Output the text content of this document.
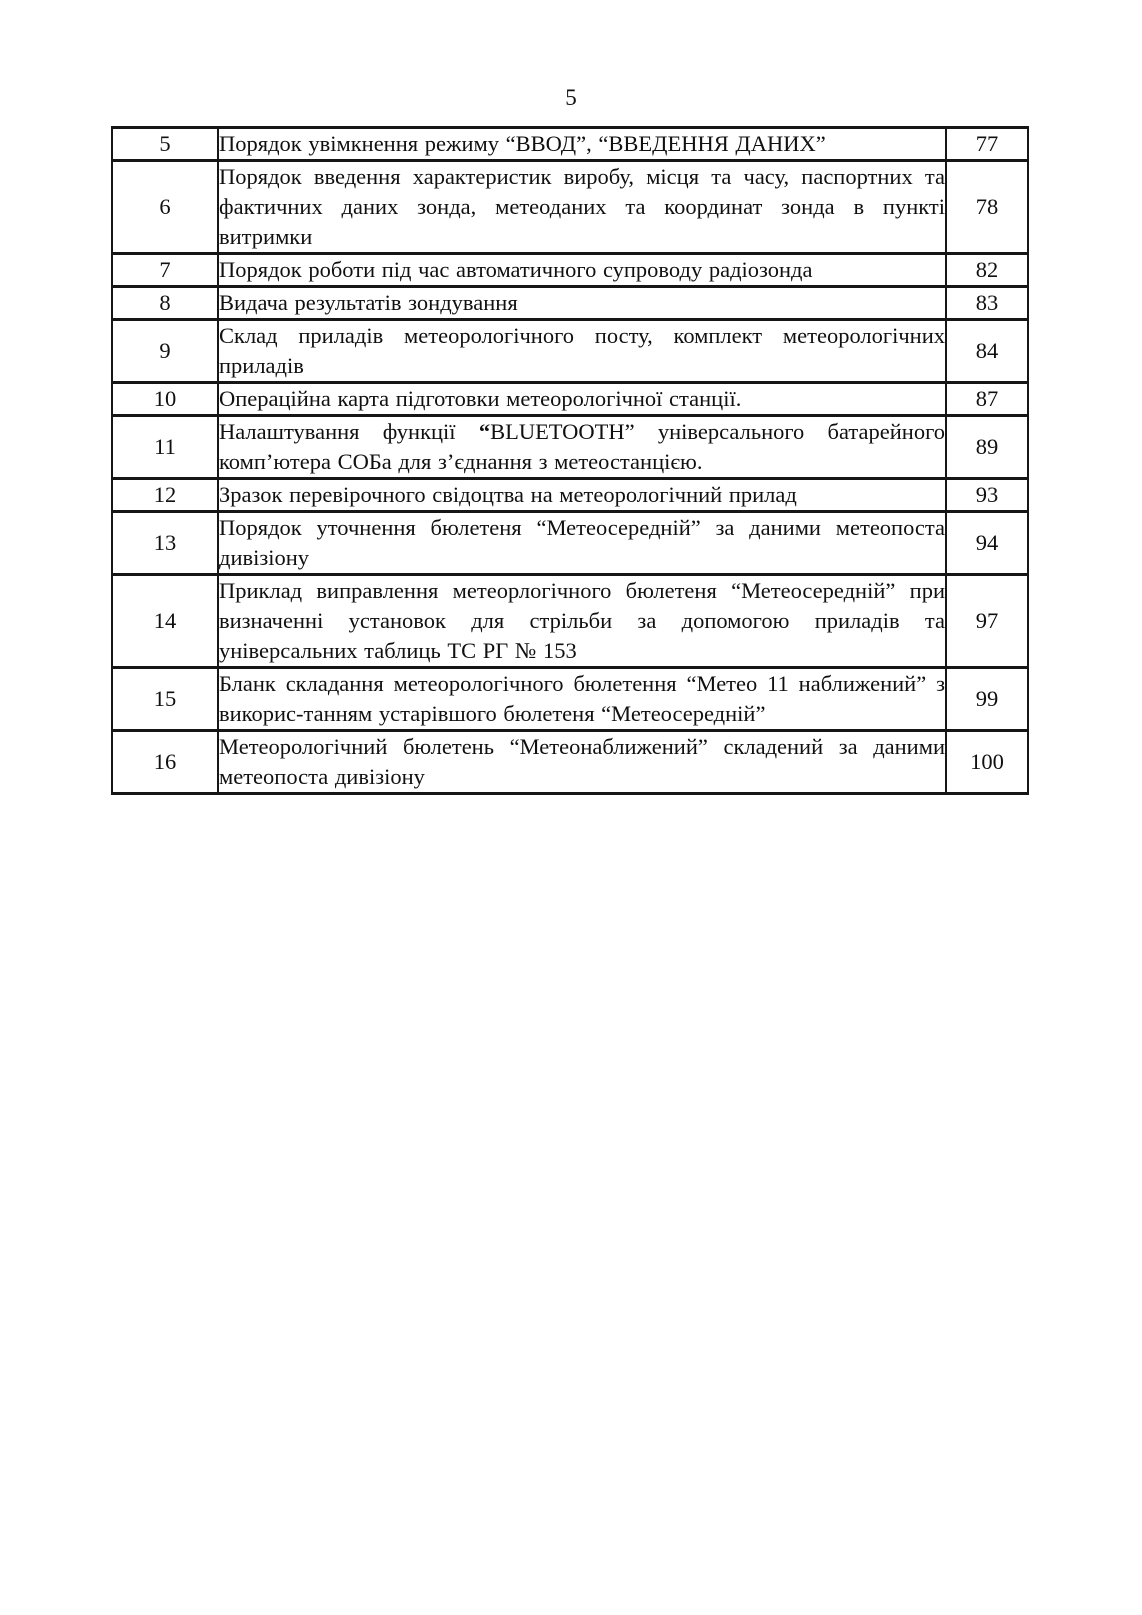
5
5	Порядок увімкнення режиму “ВВОД”, “ВВЕДЕННЯ ДАНИХ”	77
6	Порядок введення характеристик виробу, місця та часу, паспортних та фактичних даних зонда, метеоданих та координат зонда в пункті витримки	78
7	Порядок роботи під час автоматичного супроводу радіозонда	82
8	Видача результатів зондування	83
9	Склад приладів метеорологічного посту, комплект метеорологічних приладів	84
10	Операційна карта підготовки метеорологічної станції.	87
11	Налаштування функції “BLUETOOTH” універсального батарейного комп’ютера СОБа для з’єднання з метеостанцією.	89
12	Зразок перевірочного свідоцтва на метеорологічний прилад	93
13	Порядок уточнення бюлетеня “Метеосередній” за даними метеопоста дивізіону	94
14	Приклад виправлення метеорлогічного бюлетеня “Метеосередній” при визначенні установок для стрільби за допомогою приладів та універсальних таблиць ТС РГ № 153	97
15	Бланк складання метеорологічного бюлетення “Метео 11 наближений” з викорис-танням устарівшого бюлетеня “Метеосередній”	99
16	Метеорологічний бюлетень “Метеонаближений” складений за даними метеопоста дивізіону	100
